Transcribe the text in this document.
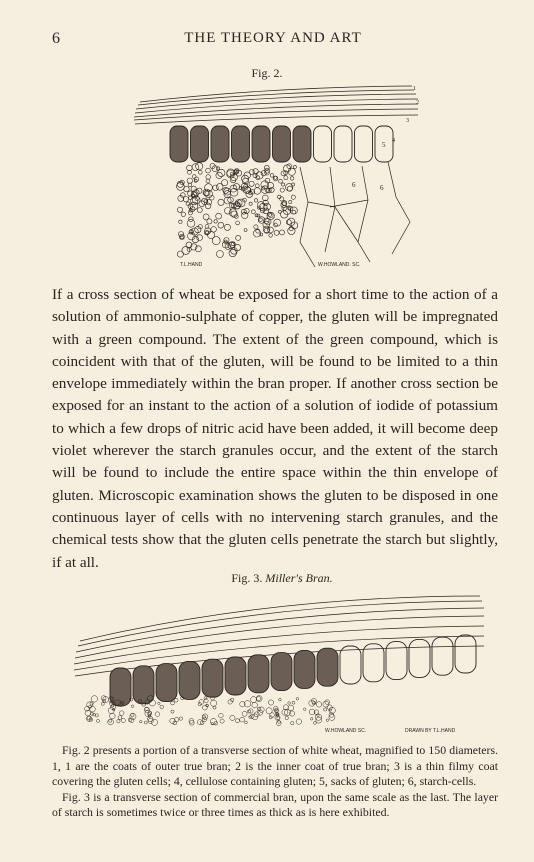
6	THE THEORY AND ART
Fig. 2.
1
2
3
4
5
6	6
T.L.HAND	W.HOWLAND. SC.
If a cross section of wheat be exposed for a short time to the action of a solution of ammonio-sulphate of copper, the gluten will be impregnated with a green compound. The extent of the green compound, which is coincident with that of the gluten, will be found to be limited to a thin envelope immediately within the bran proper. If another cross section be exposed for an instant to the action of a solution of iodide of potassium to which a few drops of nitric acid have been added, it will become deep violet wherever the starch granules occur, and the extent of the starch will be found to include the entire space within the thin envelope of gluten. Microscopic examination shows the gluten to be disposed in one continuous layer of cells with no intervening starch granules, and the chemical tests show that the gluten cells penetrate the starch but slightly, if at all.
Fig. 3. Miller's Bran.
W.HOWLAND SC.	DRAWN BY T.L.HAND

Fig. 2 presents a portion of a transverse section of white wheat, magnified to 150 diameters. 1, 1 are the coats of outer true bran; 2 is the inner coat of true bran; 3 is a thin filmy coat covering the gluten cells; 4, cellulose containing gluten; 5, sacks of gluten; 6, starch-cells.

Fig. 3 is a transverse section of commercial bran, upon the same scale as the last. The layer of starch is sometimes twice or three times as thick as is here exhibited.
